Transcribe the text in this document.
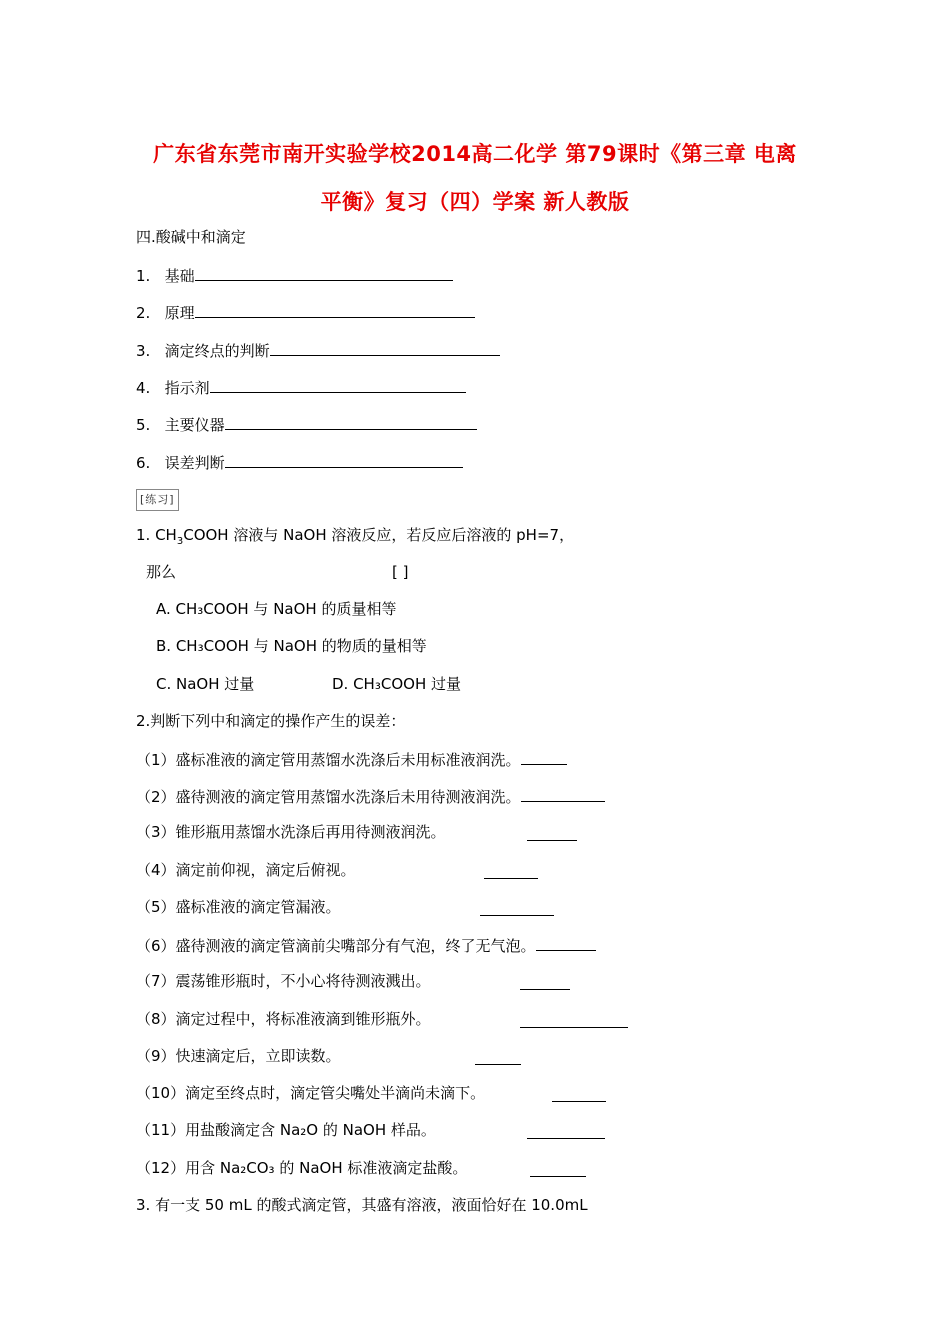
广东省东莞市南开实验学校2014高二化学 第79课时《第三章 电离
平衡》复习（四）学案 新人教版
四.酸碱中和滴定
1. 基础
2. 原理
3. 滴定终点的判断
4. 指示剂
5. 主要仪器
6. 误差判断
[练习]
1. $CH_3COOH$ 溶液与 NaOH 溶液反应，若反应后溶液的 pH=7，
那么	[ ]
A. CH₃COOH 与 NaOH 的质量相等
B. CH₃COOH 与 NaOH 的物质的量相等
C. NaOH 过量	D. CH₃COOH 过量
2.判断下列中和滴定的操作产生的误差：
（1）盛标准液的滴定管用蒸馏水洗涤后未用标准液润洗。
（2）盛待测液的滴定管用蒸馏水洗涤后未用待测液润洗。
（3）锥形瓶用蒸馏水洗涤后再用待测液润洗。
（4）滴定前仰视，滴定后俯视。
（5）盛标准液的滴定管漏液。
（6）盛待测液的滴定管滴前尖嘴部分有气泡，终了无气泡。
（7）震荡锥形瓶时，不小心将待测液溅出。
（8）滴定过程中，将标准液滴到锥形瓶外。
（9）快速滴定后，立即读数。
（10）滴定至终点时，滴定管尖嘴处半滴尚未滴下。
（11）用盐酸滴定含 Na₂O 的 NaOH 样品。
（12）用含 Na₂CO₃ 的 NaOH 标准液滴定盐酸。
3. 有一支 50 mL 的酸式滴定管，其盛有溶液，液面恰好在 10.0mL
